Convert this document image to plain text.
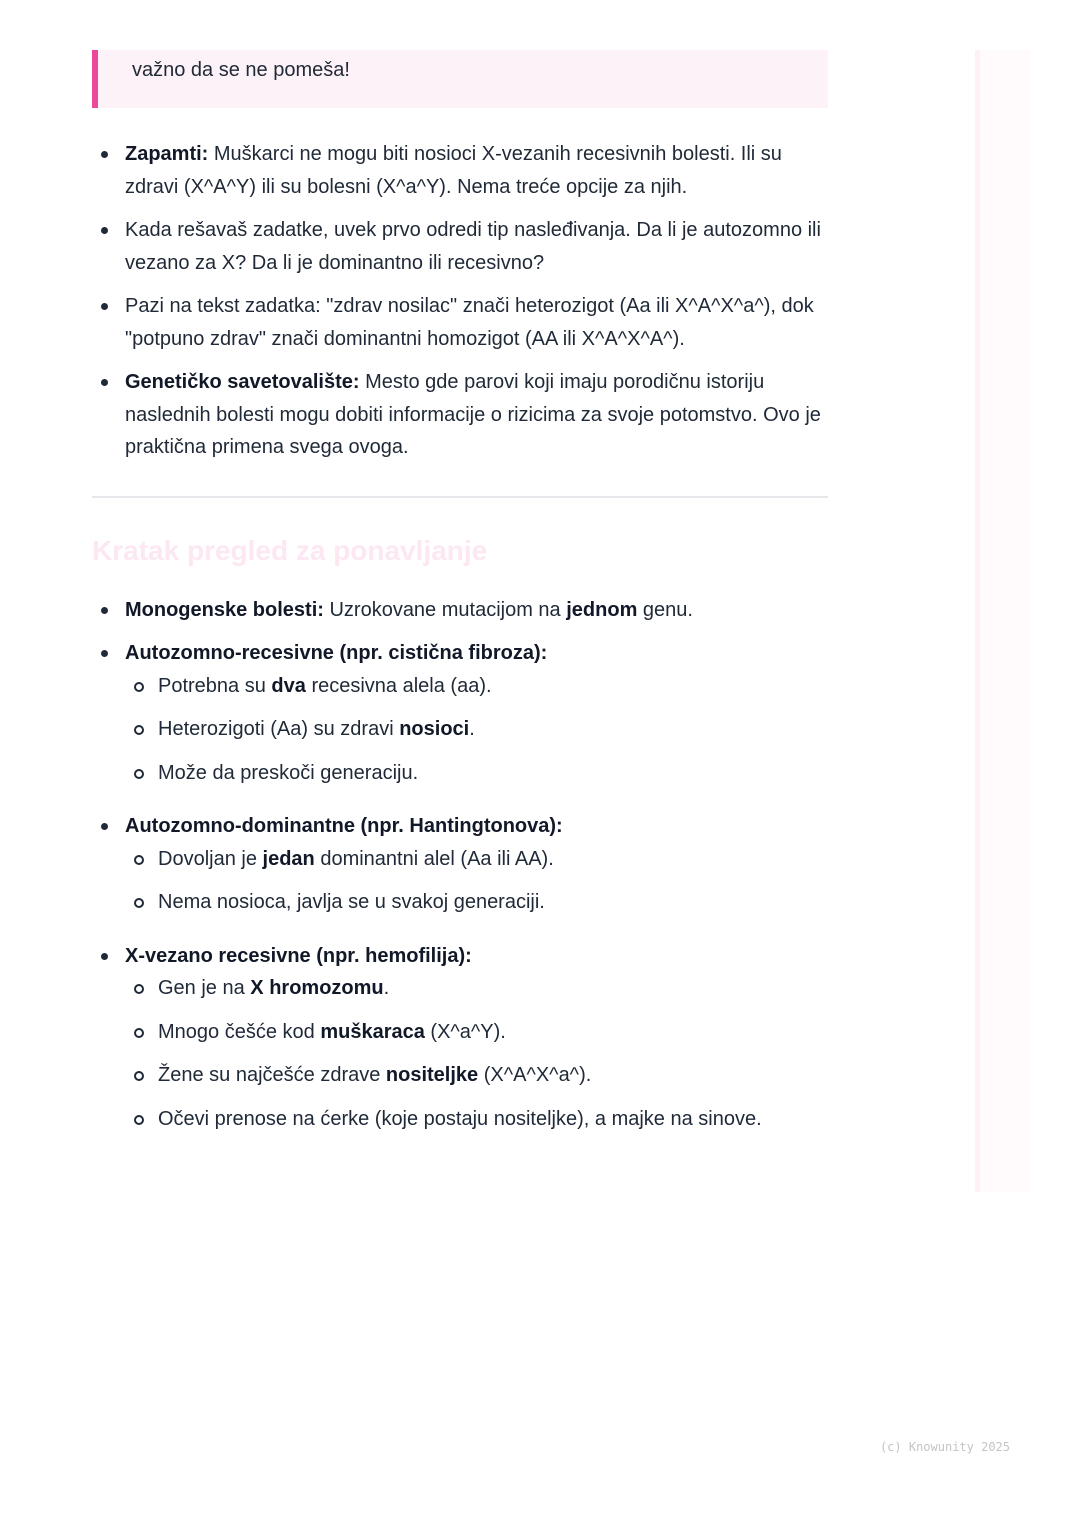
važno da se ne pomeša!
Zapamti: Muškarci ne mogu biti nosioci X-vezanih recesivnih bolesti. Ili su zdravi (X^A^Y) ili su bolesni (X^a^Y). Nema treće opcije za njih.
Kada rešavaš zadatke, uvek prvo odredi tip nasleđivanja. Da li je autozomno ili vezano za X? Da li je dominantno ili recesivno?
Pazi na tekst zadatka: "zdrav nosilac" znači heterozigot (Aa ili X^A^X^a^), dok "potpuno zdrav" znači dominantni homozigot (AA ili X^A^X^A^).
Genetičko savetovalište: Mesto gde parovi koji imaju porodičnu istoriju naslednih bolesti mogu dobiti informacije o rizicima za svoje potomstvo. Ovo je praktična primena svega ovoga.
Kratak pregled za ponavljanje
Monogenske bolesti: Uzrokovane mutacijom na jednom genu.
Autozomno-recesivne (npr. cistična fibroza):
Potrebna su dva recesivna alela (aa).
Heterozigoti (Aa) su zdravi nosioci.
Može da preskoči generaciju.
Autozomno-dominantne (npr. Hantingtonova):
Dovoljan je jedan dominantni alel (Aa ili AA).
Nema nosioca, javlja se u svakoj generaciji.
X-vezano recesivne (npr. hemofilija):
Gen je na X hromozomu.
Mnogo češće kod muškaraca (X^a^Y).
Žene su najčešće zdrave nositeljke (X^A^X^a^).
Očevi prenose na ćerke (koje postaju nositeljke), a majke na sinove.
(c) Knowunity 2025
